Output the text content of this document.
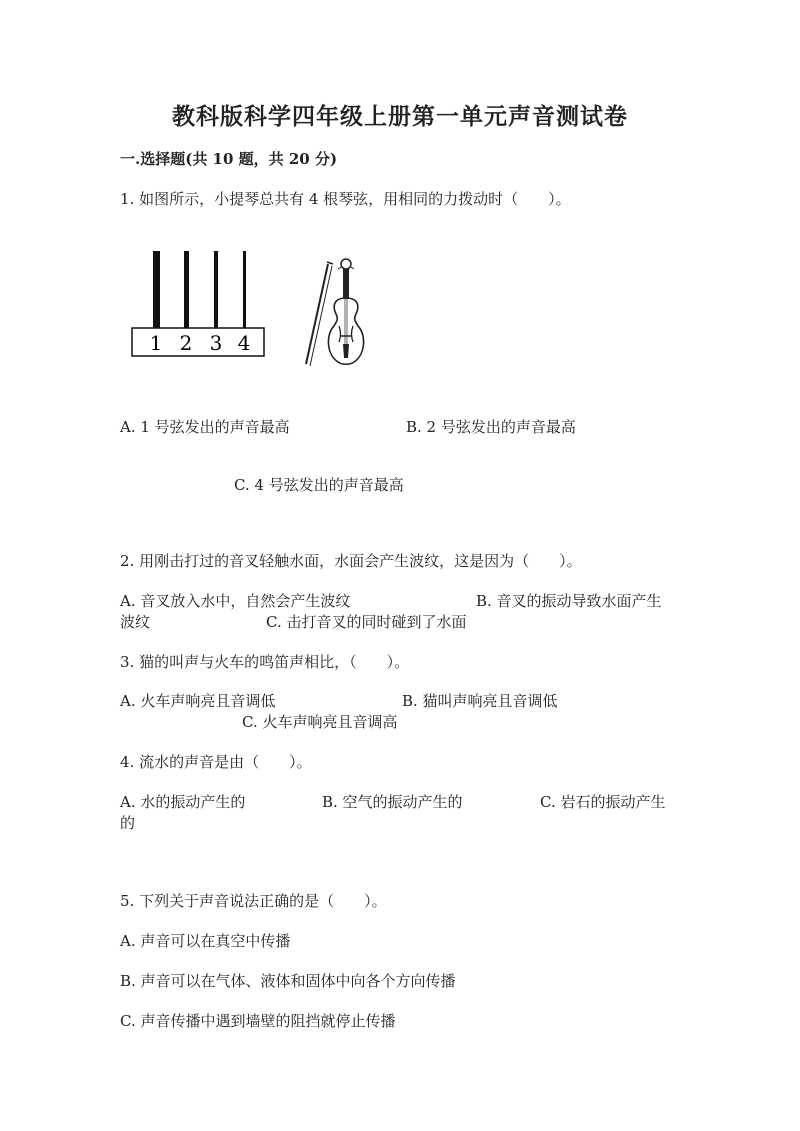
教科版科学四年级上册第一单元声音测试卷
一.选择题(共 10 题，共 20 分)
1. 如图所示，小提琴总共有 4 根琴弦，用相同的力拨动时（　　）。
1 2 3 4
A. 1 号弦发出的声音最高	B. 2 号弦发出的声音最高
C. 4 号弦发出的声音最高
2. 用刚击打过的音叉轻触水面，水面会产生波纹，这是因为（　　）。
A. 音叉放入水中，自然会产生波纹	B. 音叉的振动导致水面产生
波纹	C. 击打音叉的同时碰到了水面
3. 猫的叫声与火车的鸣笛声相比，（　　）。
A. 火车声响亮且音调低	B. 猫叫声响亮且音调低
C. 火车声响亮且音调高
4. 流水的声音是由（　　）。
A. 水的振动产生的	B. 空气的振动产生的	C. 岩石的振动产生
的
5. 下列关于声音说法正确的是（　　）。
A. 声音可以在真空中传播
B. 声音可以在气体、液体和固体中向各个方向传播
C. 声音传播中遇到墙壁的阻挡就停止传播
